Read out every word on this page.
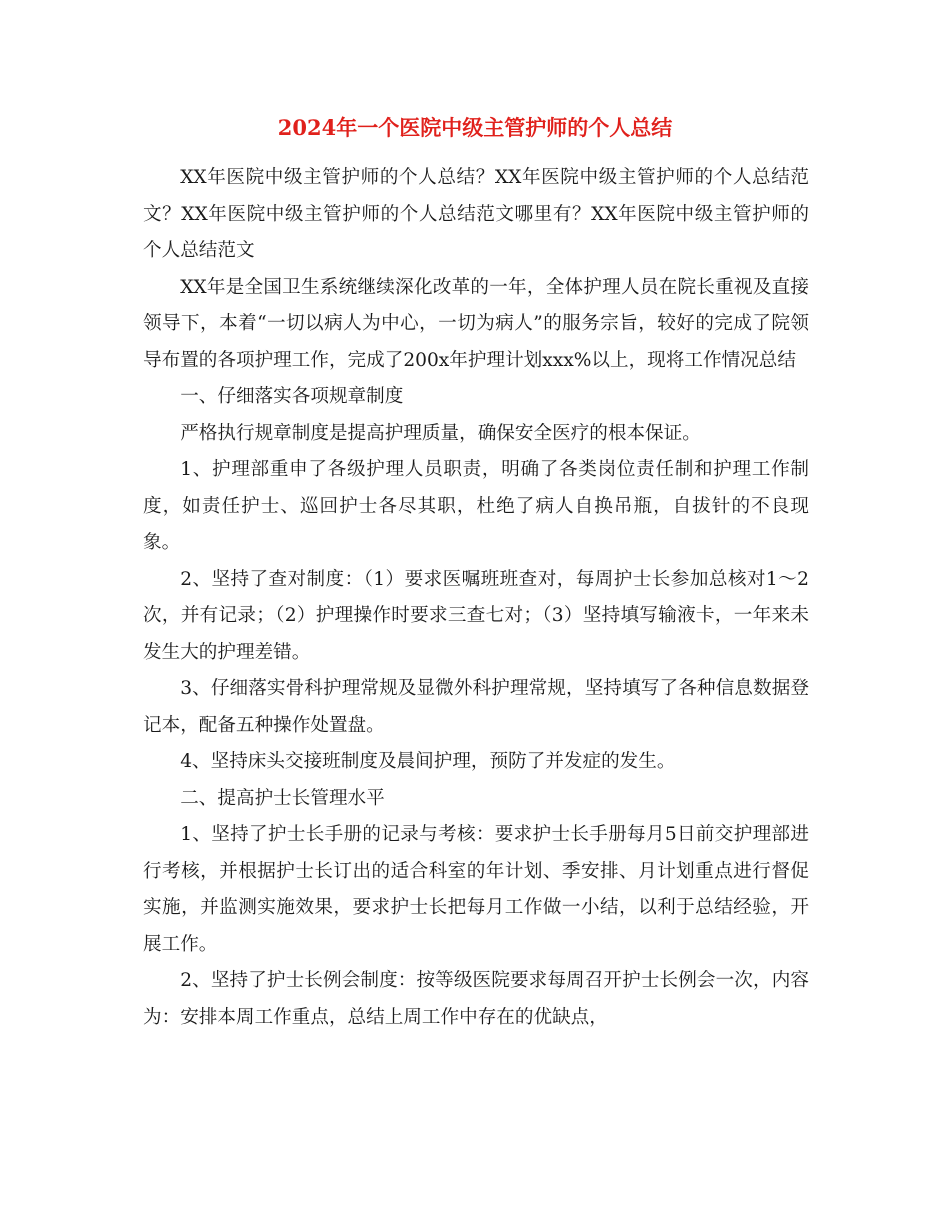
2024年一个医院中级主管护师的个人总结

XX年医院中级主管护师的个人总结？XX年医院中级主管护师的个人总结范文？XX年医院中级主管护师的个人总结范文哪里有？XX年医院中级主管护师的个人总结范文

XX年是全国卫生系统继续深化改革的一年，全体护理人员在院长重视及直接领导下，本着“一切以病人为中心，一切为病人”的服务宗旨，较好的完成了院领导布置的各项护理工作，完成了200x年护理计划xxx%以上，现将工作情况总结

一、仔细落实各项规章制度

严格执行规章制度是提高护理质量，确保安全医疗的根本保证。

1、护理部重申了各级护理人员职责，明确了各类岗位责任制和护理工作制度，如责任护士、巡回护士各尽其职，杜绝了病人自换吊瓶，自拔针的不良现象。

2、坚持了查对制度：（1）要求医嘱班班查对，每周护士长参加总核对1～2次，并有记录；（2）护理操作时要求三查七对；（3）坚持填写输液卡，一年来未发生大的护理差错。

3、仔细落实骨科护理常规及显微外科护理常规，坚持填写了各种信息数据登记本，配备五种操作处置盘。

4、坚持床头交接班制度及晨间护理，预防了并发症的发生。

二、提高护士长管理水平

1、坚持了护士长手册的记录与考核：要求护士长手册每月5日前交护理部进行考核，并根据护士长订出的适合科室的年计划、季安排、月计划重点进行督促实施，并监测实施效果，要求护士长把每月工作做一小结，以利于总结经验，开展工作。

2、坚持了护士长例会制度：按等级医院要求每周召开护士长例会一次，内容为：安排本周工作重点，总结上周工作中存在的优缺点，
